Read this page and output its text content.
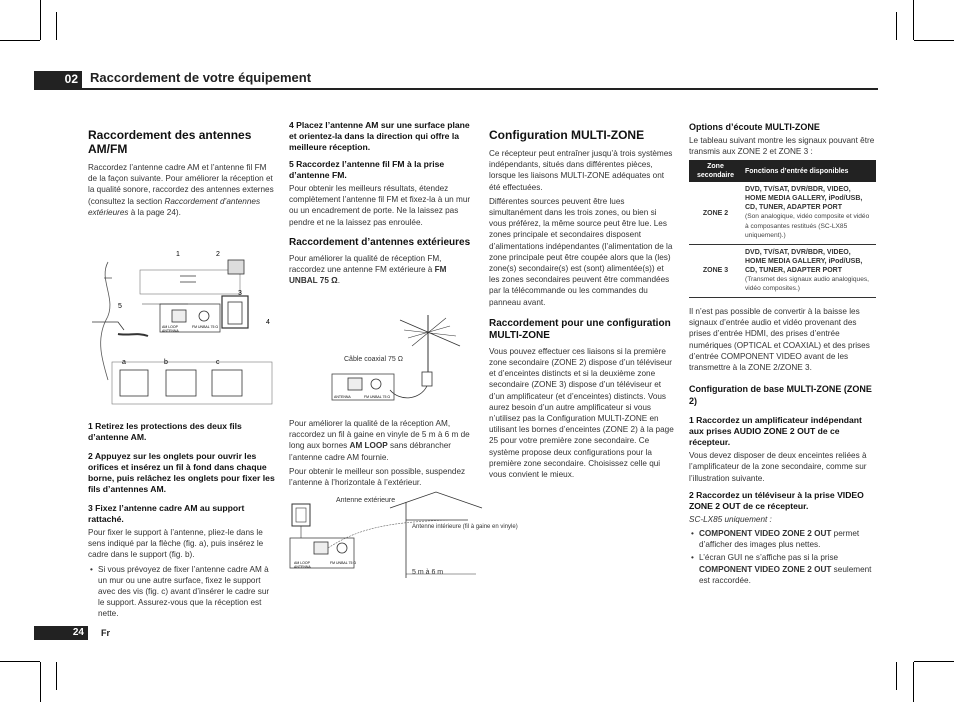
02 Raccordement de votre équipement
Raccordement des antennes AM/FM

Raccordez l’antenne cadre AM et l’antenne fil FM de la façon suivante. Pour améliorer la réception et la qualité sonore, raccordez des antennes externes (consultez la section Raccordement d’antennes extérieures à la page 24).

1	2
3
4
5
a	b	c
AM LOOP
ANTENNA
FM UNBAL 75 Ω
1 Retirez les protections des deux fils d’antenne AM.
2 Appuyez sur les onglets pour ouvrir les orifices et insérez un fil à fond dans chaque borne, puis relâchez les onglets pour fixer les fils d’antennes AM.
3 Fixez l’antenne cadre AM au support rattaché.

Pour fixer le support à l’antenne, pliez-le dans le sens indiqué par la flèche (fig. a), puis insérez le cadre dans le support (fig. b).

• Si vous prévoyez de fixer l’antenne cadre AM à un mur ou une autre surface, fixez le support avec des vis (fig. c) avant d’insérer le cadre sur le support. Assurez-vous que la réception est nette.
4 Placez l’antenne AM sur une surface plane et orientez-la dans la direction qui offre la meilleure réception.
5 Raccordez l’antenne fil FM à la prise d’antenne FM.

Pour obtenir les meilleurs résultats, étendez complètement l’antenne fil FM et fixez-la à un mur ou un encadrement de porte. Ne la laissez pas pendre et ne la laissez pas enroulée.

Raccordement d’antennes extérieures

Pour améliorer la qualité de réception FM, raccordez une antenne FM extérieure à FM UNBAL 75 Ω.

Câble coaxial 75 Ω
ANTENNA	FM UNBAL 75 Ω

Pour améliorer la qualité de la réception AM, raccordez un fil à gaine en vinyle de 5 m à 6 m de long aux bornes AM LOOP sans débrancher l’antenne cadre AM fournie.

Pour obtenir le meilleur son possible, suspendez l’antenne à l’horizontale à l’extérieur.

Antenne extérieure
Antenne intérieure (fil à gaine en vinyle)
5 m à 6 m
AM LOOP
ANTENNA
FM UNBAL 75 Ω
Configuration MULTI-ZONE

Ce récepteur peut entraîner jusqu’à trois systèmes indépendants, situés dans différentes pièces, lorsque les liaisons MULTI-ZONE adéquates ont été effectuées.

Différentes sources peuvent être lues simultanément dans les trois zones, ou bien si vous préférez, la même source peut être lue. Les zones principale et secondaires disposent d’alimentations indépendantes (l’alimentation de la zone principale peut être coupée alors que la (les) zone(s) secondaire(s) est (sont) alimentée(s)) et les zones secondaires peuvent être commandées par la télécommande ou les commandes du panneau avant.

Raccordement pour une configuration MULTI-ZONE

Vous pouvez effectuer ces liaisons si la première zone secondaire (ZONE 2) dispose d’un téléviseur et d’enceintes distincts et si la deuxième zone secondaire (ZONE 3) dispose d’un téléviseur et d’un amplificateur (et d’enceintes) distincts. Vous aurez besoin d’un autre amplificateur si vous n’utilisez pas la Configuration MULTI-ZONE en utilisant les bornes d’enceintes (ZONE 2) à la page 25 pour votre première zone secondaire. Ce système propose deux configurations pour la première zone secondaire. Choisissez celle qui vous convient le mieux.

Options d’écoute MULTI-ZONE

Le tableau suivant montre les signaux pouvant être transmis aux ZONE 2 et ZONE 3 :

Zone secondaire	Fonctions d’entrée disponibles
ZONE 2	DVD, TV/SAT, DVR/BDR, VIDEO, HOME MEDIA GALLERY, iPod/USB, CD, TUNER, ADAPTER PORT
(Son analogique, vidéo composite et vidéo à composantes restitués (SC-LX85 uniquement).)
ZONE 3	DVD, TV/SAT, DVR/BDR, VIDEO, HOME MEDIA GALLERY, iPod/USB, CD, TUNER, ADAPTER PORT
(Transmet des signaux audio analogiques, vidéo composites.)

Il n’est pas possible de convertir à la baisse les signaux d’entrée audio et vidéo provenant des prises d’entrée HDMI, des prises d’entrée numériques (OPTICAL et COAXIAL) et des prises d’entrée COMPONENT VIDEO avant de les transmettre à la ZONE 2/ZONE 3.

Configuration de base MULTI-ZONE (ZONE 2)
1 Raccordez un amplificateur indépendant aux prises AUDIO ZONE 2 OUT de ce récepteur.

Vous devez disposer de deux enceintes reliées à l’amplificateur de la zone secondaire, comme sur l’illustration suivante.

2 Raccordez un téléviseur à la prise VIDEO ZONE 2 OUT de ce récepteur.

SC-LX85 uniquement :

• COMPONENT VIDEO ZONE 2 OUT permet d’afficher des images plus nettes.
• L’écran GUI ne s’affiche pas si la prise COMPONENT VIDEO ZONE 2 OUT seulement est raccordée.
24	Fr
